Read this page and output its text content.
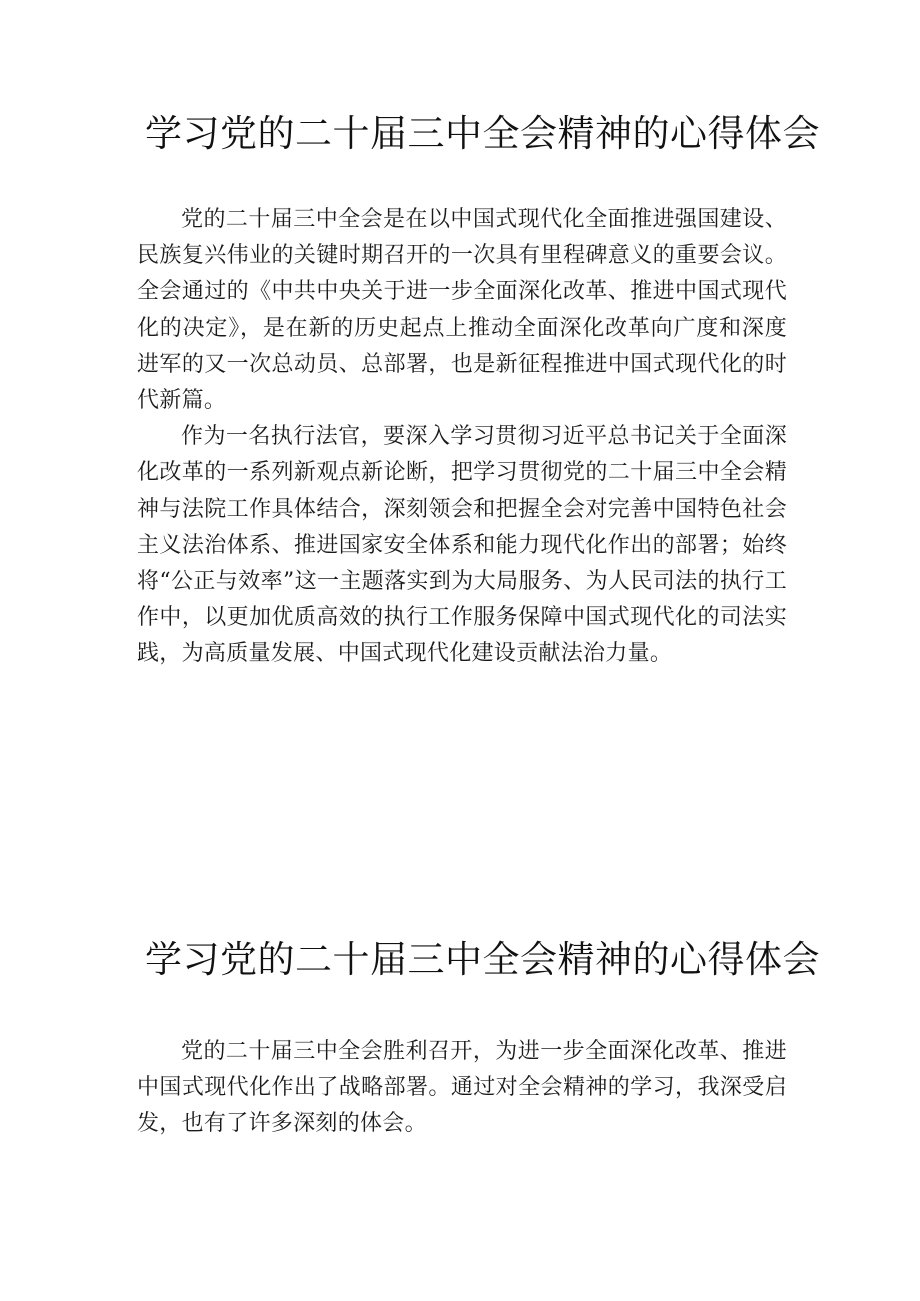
学习党的二十届三中全会精神的心得体会

党的二十届三中全会是在以中国式现代化全面推进强国建设、民族复兴伟业的关键时期召开的一次具有里程碑意义的重要会议。全会通过的《中共中央关于进一步全面深化改革、推进中国式现代化的决定》，是在新的历史起点上推动全面深化改革向广度和深度进军的又一次总动员、总部署，也是新征程推进中国式现代化的时代新篇。

作为一名执行法官，要深入学习贯彻习近平总书记关于全面深化改革的一系列新观点新论断，把学习贯彻党的二十届三中全会精神与法院工作具体结合，深刻领会和把握全会对完善中国特色社会主义法治体系、推进国家安全体系和能力现代化作出的部署；始终将“公正与效率”这一主题落实到为大局服务、为人民司法的执行工作中，以更加优质高效的执行工作服务保障中国式现代化的司法实践，为高质量发展、中国式现代化建设贡献法治力量。

学习党的二十届三中全会精神的心得体会

党的二十届三中全会胜利召开，为进一步全面深化改革、推进中国式现代化作出了战略部署。通过对全会精神的学习，我深受启发，也有了许多深刻的体会。
